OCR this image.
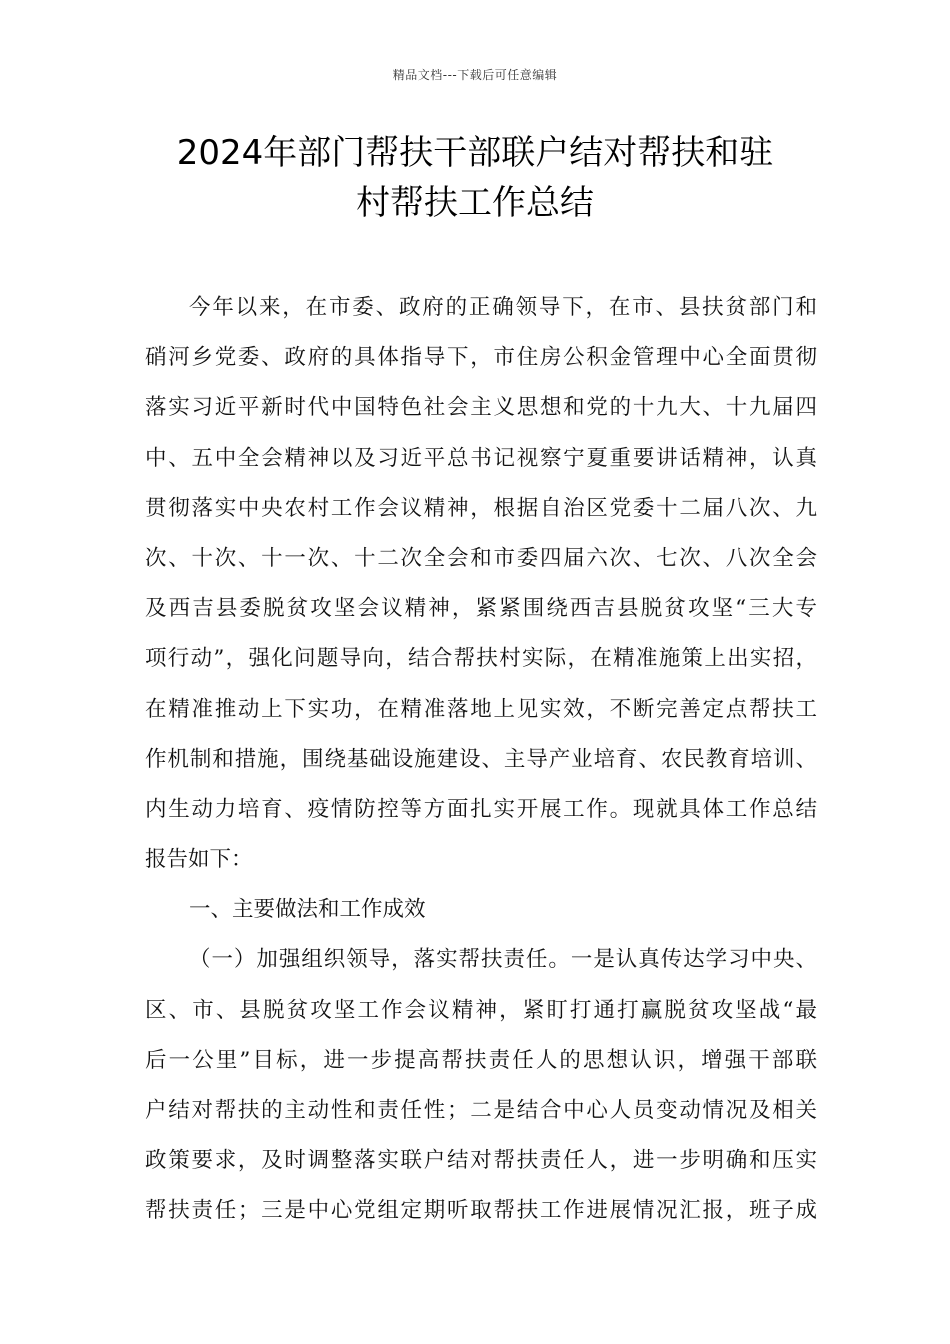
精品文档---下载后可任意编辑
2024年部门帮扶干部联户结对帮扶和驻
村帮扶工作总结
今年以来，在市委、政府的正确领导下，在市、县扶贫部门和
硝河乡党委、政府的具体指导下，市住房公积金管理中心全面贯彻
落实习近平新时代中国特色社会主义思想和党的十九大、十九届四
中、五中全会精神以及习近平总书记视察宁夏重要讲话精神，认真
贯彻落实中央农村工作会议精神，根据自治区党委十二届八次、九
次、十次、十一次、十二次全会和市委四届六次、七次、八次全会
及西吉县委脱贫攻坚会议精神，紧紧围绕西吉县脱贫攻坚“三大专
项行动”，强化问题导向，结合帮扶村实际，在精准施策上出实招，
在精准推动上下实功，在精准落地上见实效，不断完善定点帮扶工
作机制和措施，围绕基础设施建设、主导产业培育、农民教育培训、
内生动力培育、疫情防控等方面扎实开展工作。现就具体工作总结
报告如下：
一、主要做法和工作成效
（一）加强组织领导，落实帮扶责任。一是认真传达学习中央、
区、市、县脱贫攻坚工作会议精神，紧盯打通打赢脱贫攻坚战“最
后一公里”目标，进一步提高帮扶责任人的思想认识，增强干部联
户结对帮扶的主动性和责任性；二是结合中心人员变动情况及相关
政策要求，及时调整落实联户结对帮扶责任人，进一步明确和压实
帮扶责任；三是中心党组定期听取帮扶工作进展情况汇报，班子成
